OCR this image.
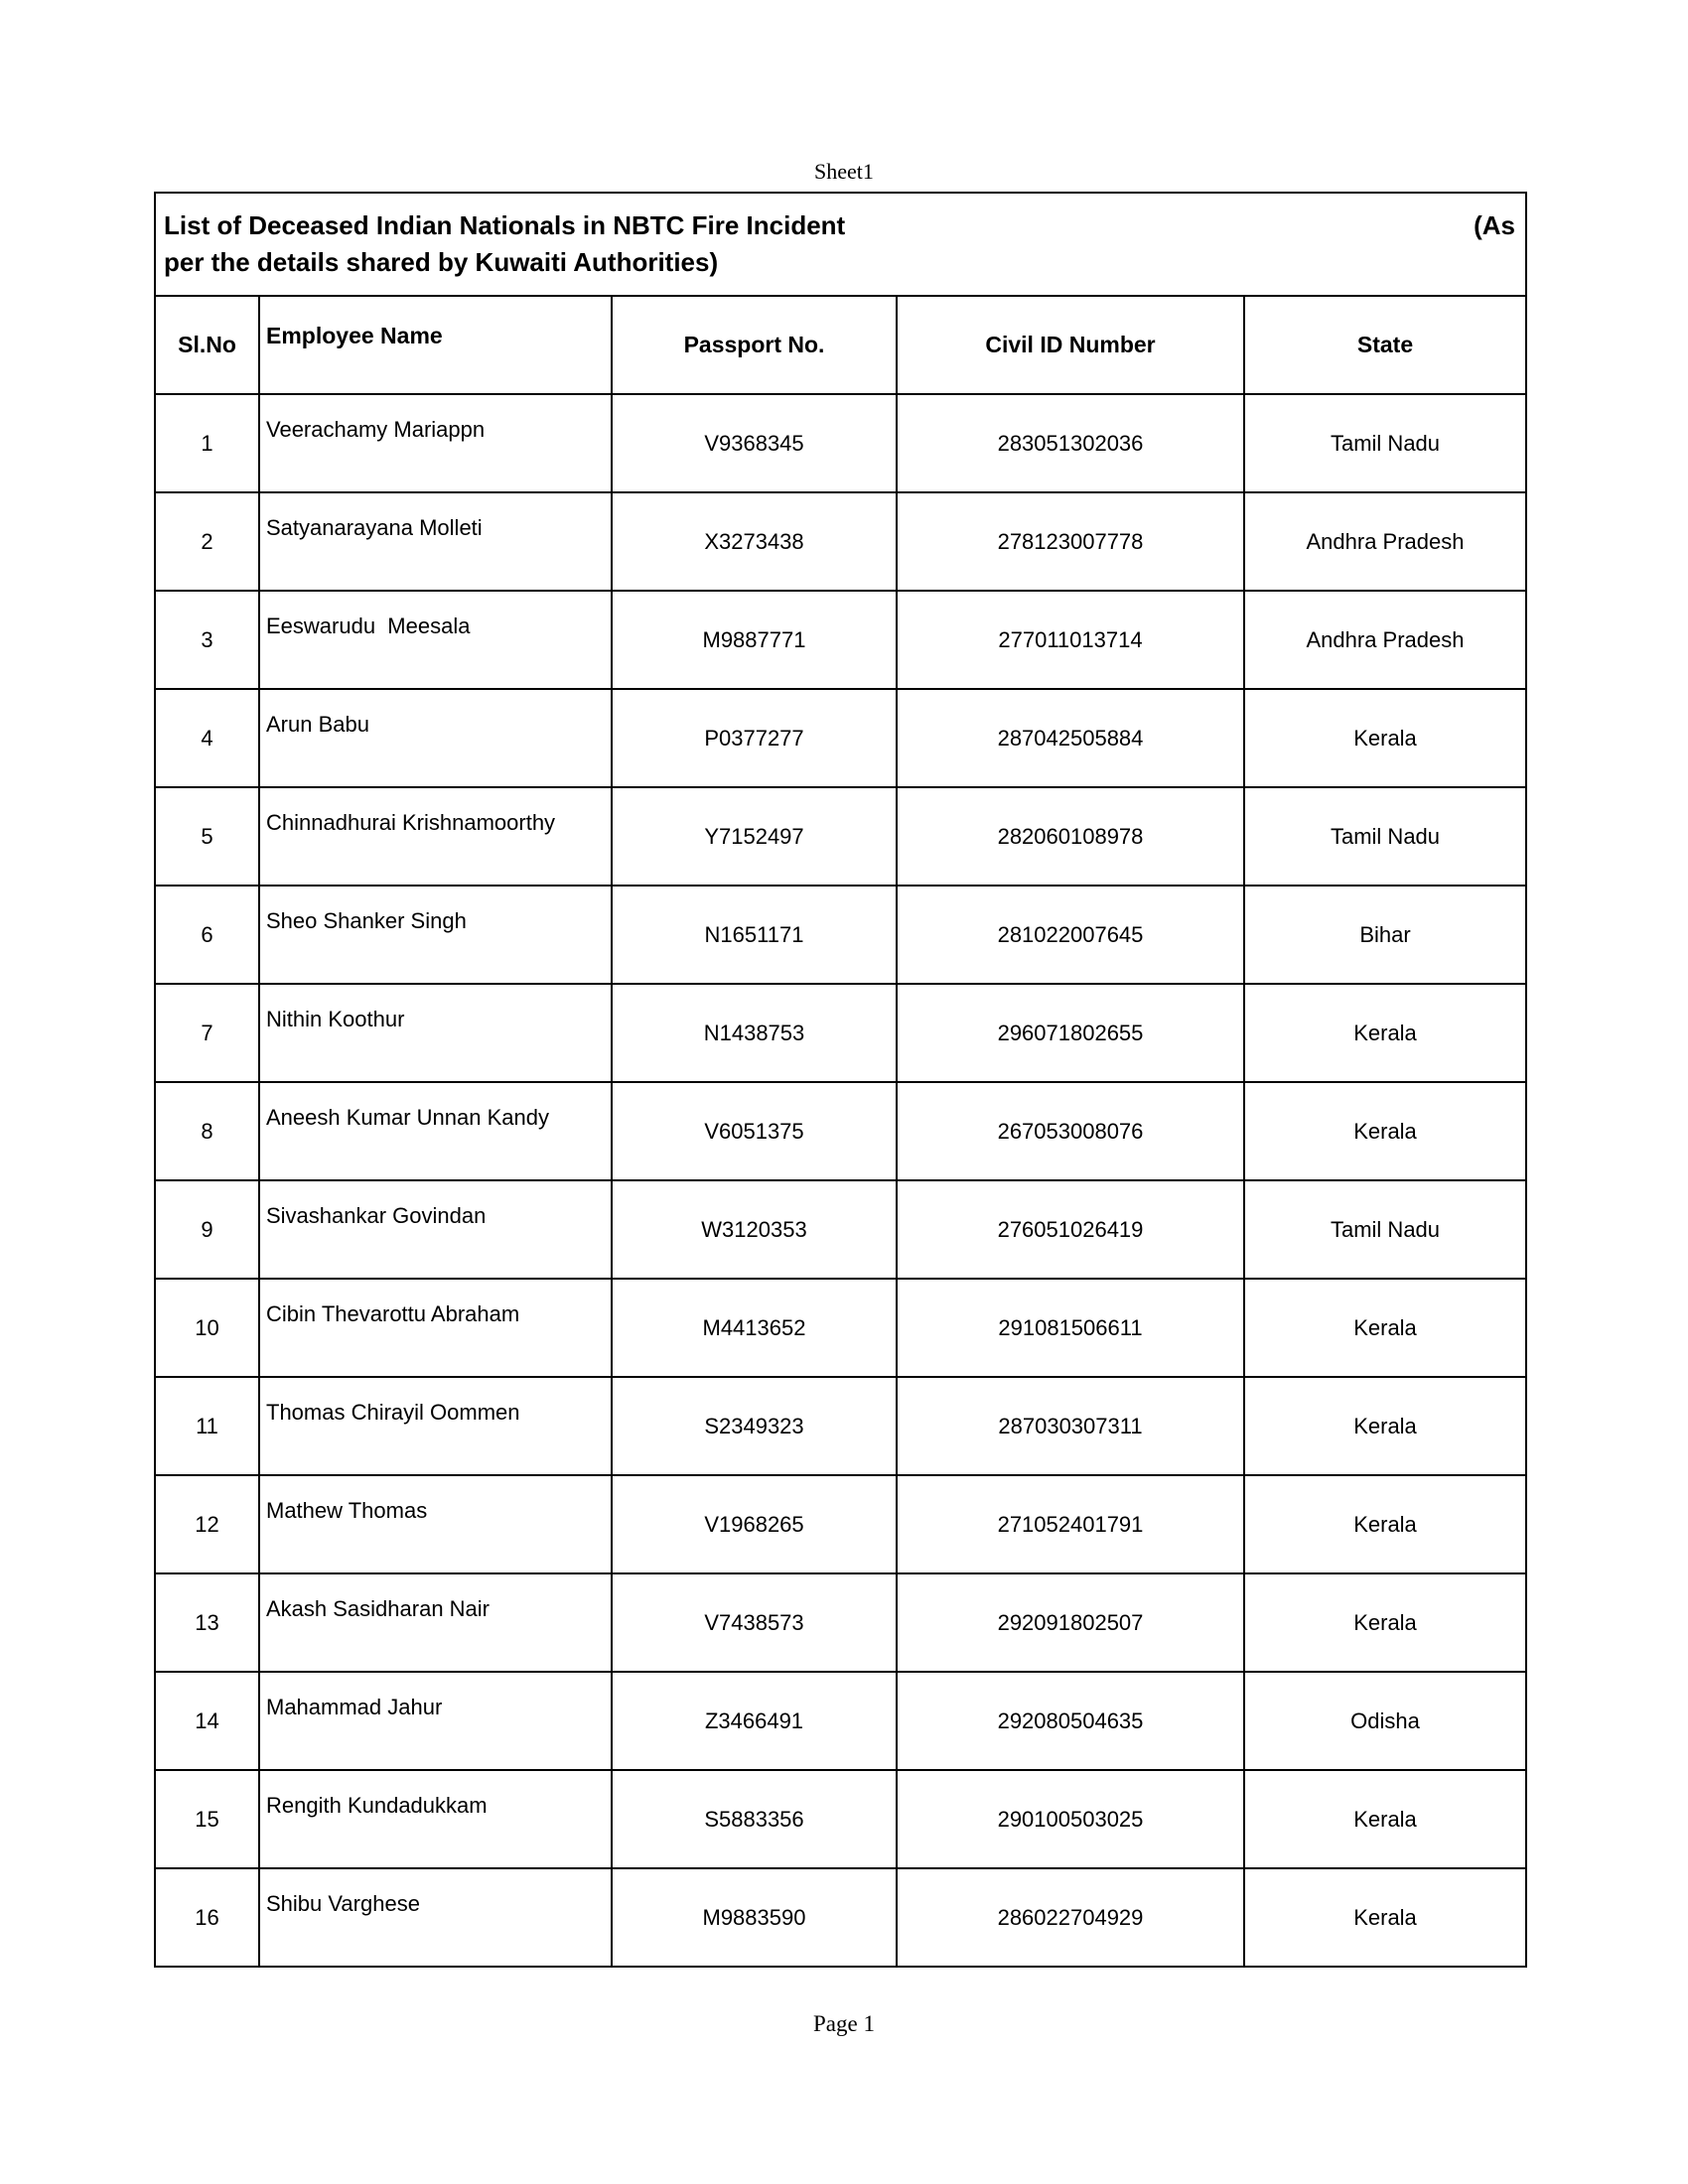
Sheet1
List of Deceased Indian Nationals in NBTC Fire Incident (As
per the details shared by Kuwaiti Authorities)				

Sl.No	Employee Name	Passport No.	Civil ID Number	State
1	Veerachamy Mariappn	V9368345	283051302036	Tamil Nadu
2	Satyanarayana Molleti	X3273438	278123007778	Andhra Pradesh
3	Eeswarudu  Meesala	M9887771	277011013714	Andhra Pradesh
4	Arun Babu	P0377277	287042505884	Kerala
5	Chinnadhurai Krishnamoorthy	Y7152497	282060108978	Tamil Nadu
6	Sheo Shanker Singh	N1651171	281022007645	Bihar
7	Nithin Koothur	N1438753	296071802655	Kerala
8	Aneesh Kumar Unnan Kandy	V6051375	267053008076	Kerala
9	Sivashankar Govindan	W3120353	276051026419	Tamil Nadu
10	Cibin Thevarottu Abraham	M4413652	291081506611	Kerala
11	Thomas Chirayil Oommen	S2349323	287030307311	Kerala
12	Mathew Thomas	V1968265	271052401791	Kerala
13	Akash Sasidharan Nair	V7438573	292091802507	Kerala
14	Mahammad Jahur	Z3466491	292080504635	Odisha
15	Rengith Kundadukkam	S5883356	290100503025	Kerala
16	Shibu Varghese	M9883590	286022704929	Kerala
Page 1
